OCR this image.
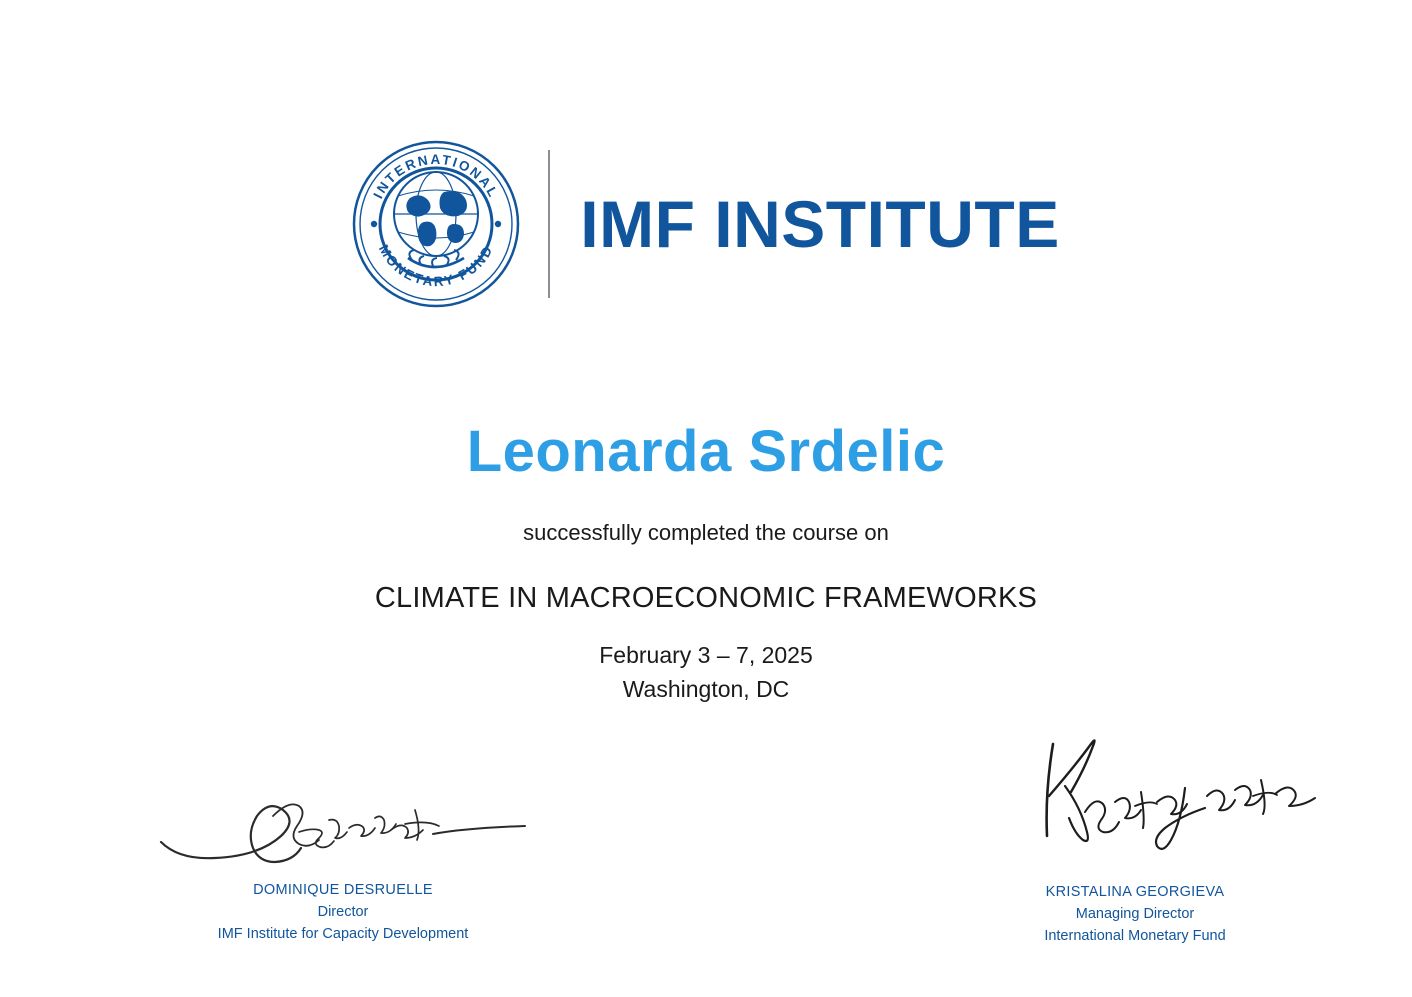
INTERNATIONAL
MONETARY FUND IMF INSTITUTE
Leonarda Srdelic
successfully completed the course on
CLIMATE IN MACROECONOMIC FRAMEWORKS
February 3 – 7, 2025
Washington, DC
DOMINIQUE DESRUELLE
Director
IMF Institute for Capacity Development
KRISTALINA GEORGIEVA
Managing Director
International Monetary Fund
